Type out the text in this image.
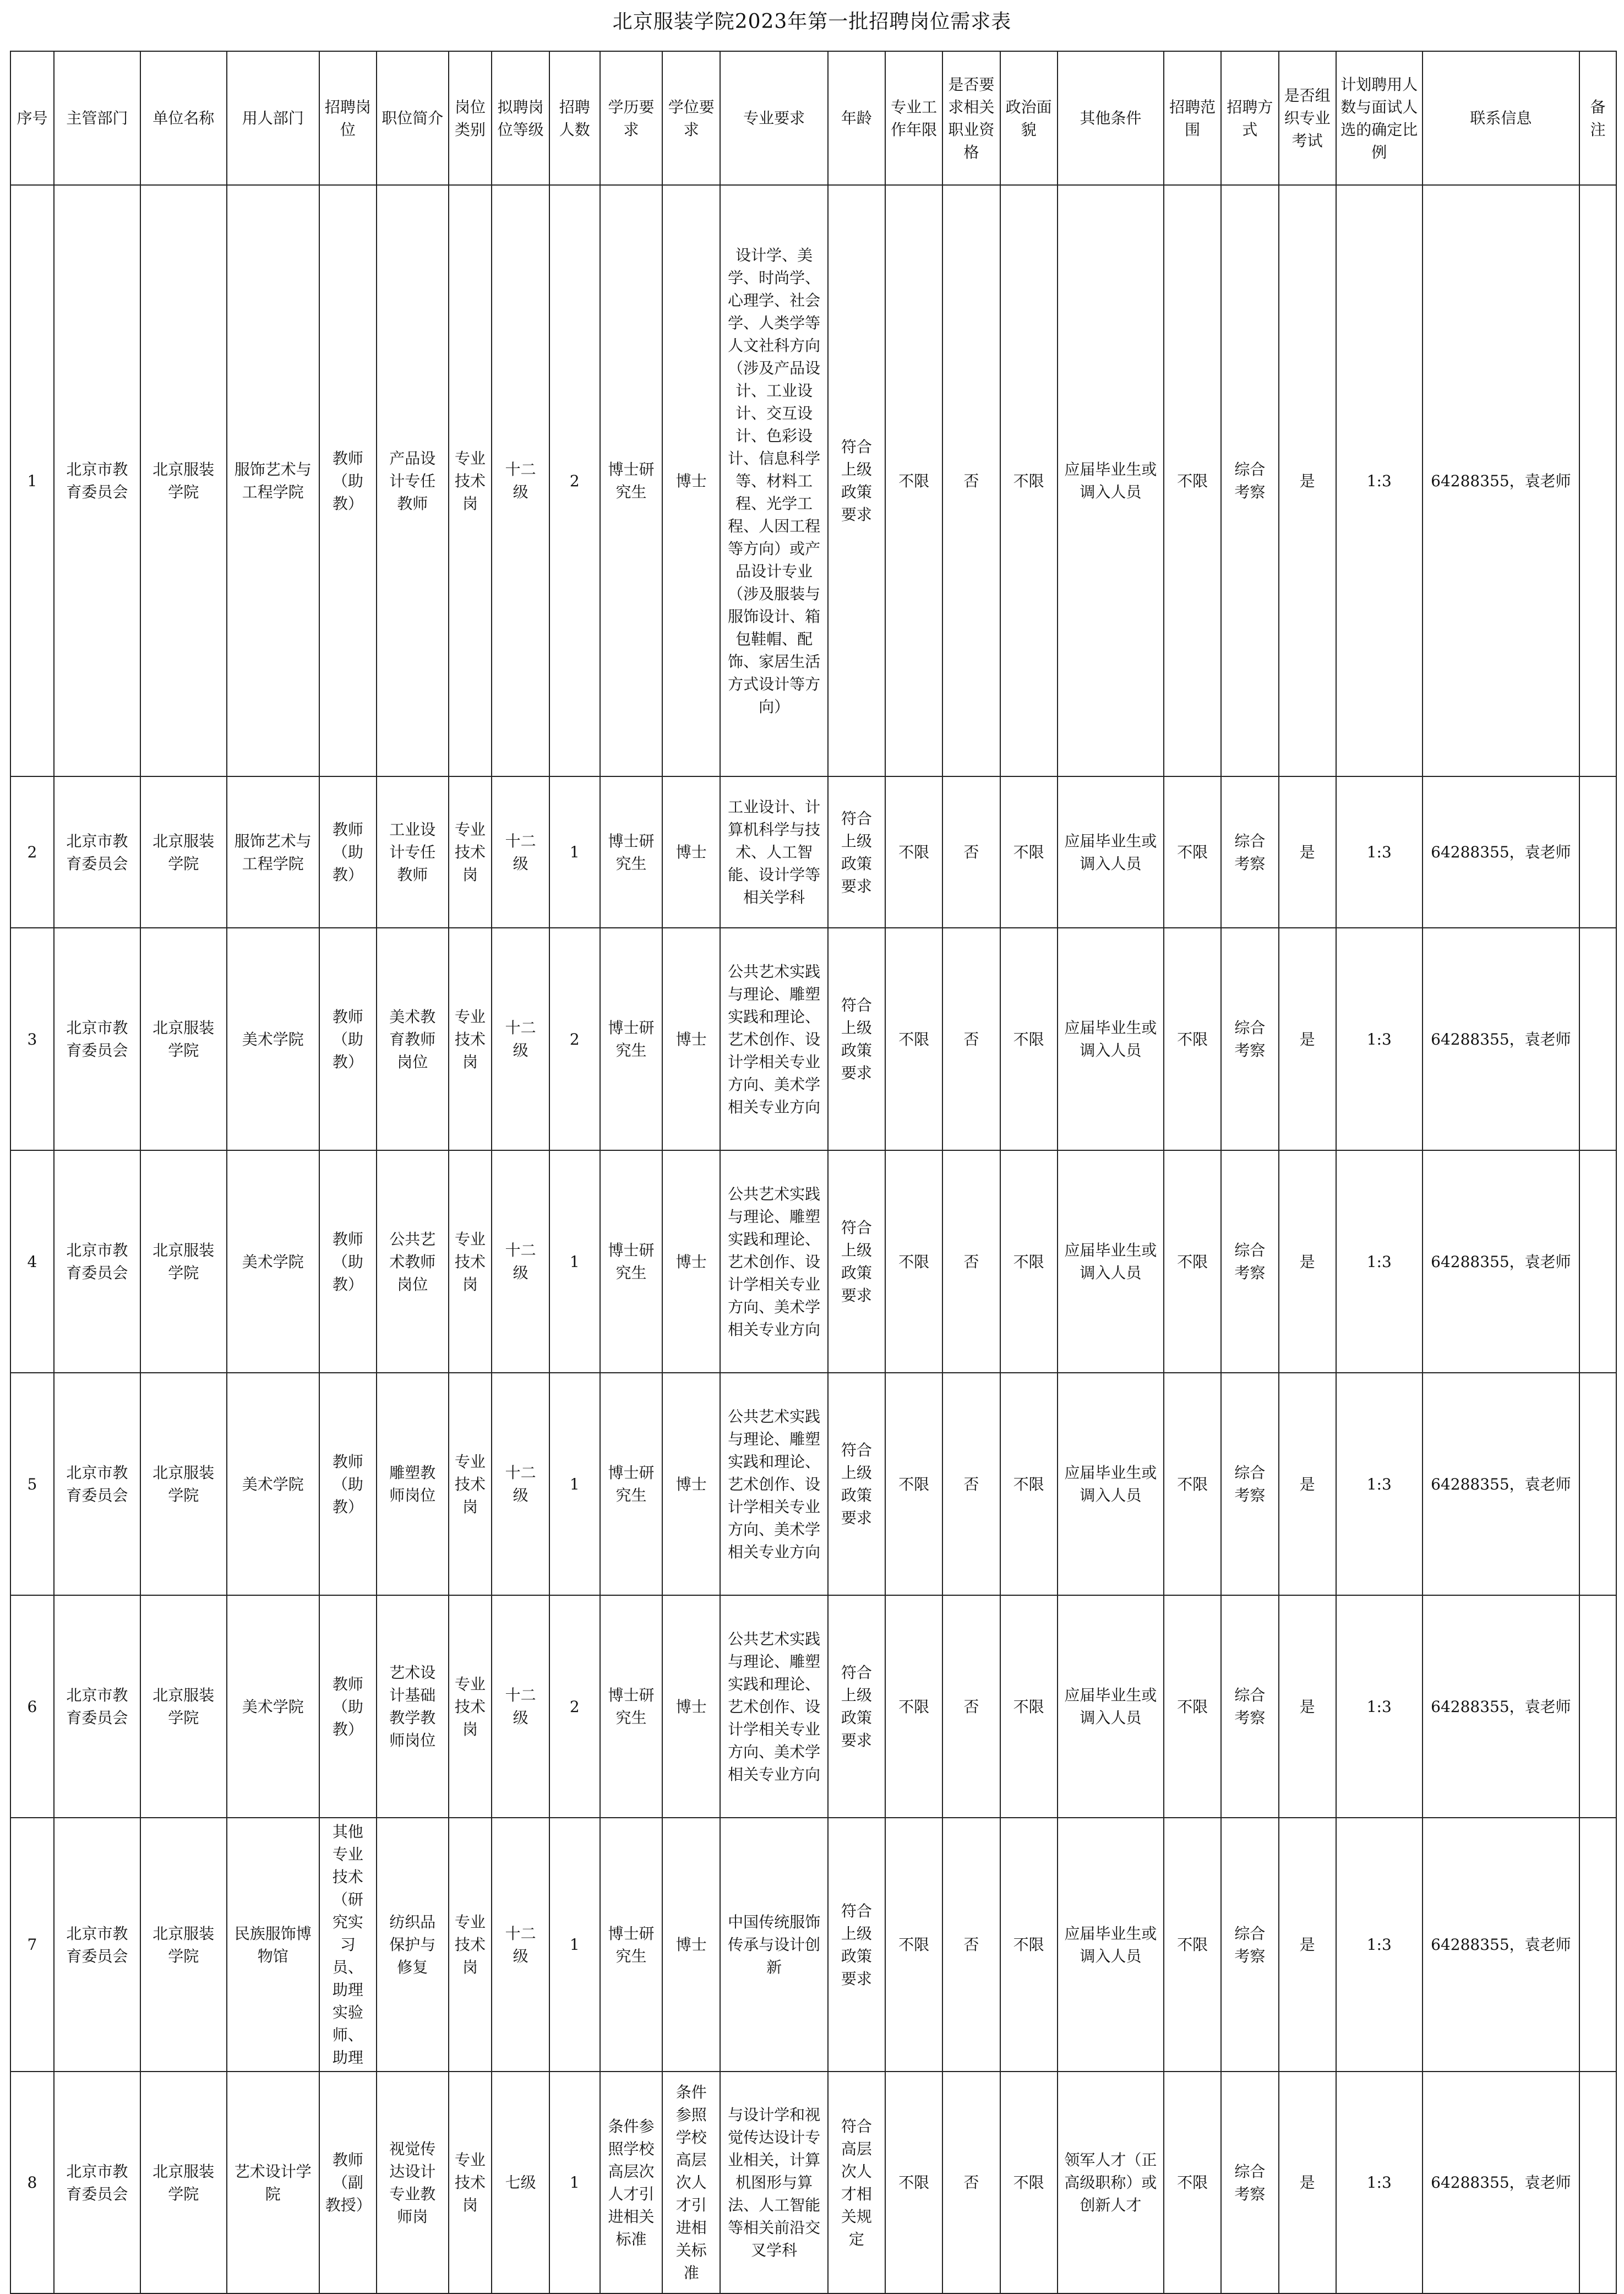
北京服装学院2023年第一批招聘岗位需求表
序号	主管部门	单位名称	用人部门	招聘岗位	职位简介	岗位类别	拟聘岗位等级	招聘人数	学历要求	学位要求	专业要求	年龄	专业工作年限	是否要求相关职业资格	政治面貌	其他条件	招聘范围	招聘方式	是否组织专业考试	计划聘用人数与面试人选的确定比例	联系信息	备注
1	北京市教育委员会	北京服装学院	服饰艺术与工程学院	教师（助教）	产品设计专任教师	专业技术岗	十二级	2	博士研究生	博士	设计学、美学、时尚学、心理学、社会学、人类学等人文社科方向（涉及产品设计、工业设计、交互设计、色彩设计、信息科学等、材料工程、光学工程、人因工程等方向）或产品设计专业（涉及服装与服饰设计、箱包鞋帽、配饰、家居生活方式设计等方向）	符合上级政策要求	不限	否	不限	应届毕业生或调入人员	不限	综合考察	是	1:3	64288355，袁老师	
2	北京市教育委员会	北京服装学院	服饰艺术与工程学院	教师（助教）	工业设计专任教师	专业技术岗	十二级	1	博士研究生	博士	工业设计、计算机科学与技术、人工智能、设计学等相关学科	符合上级政策要求	不限	否	不限	应届毕业生或调入人员	不限	综合考察	是	1:3	64288355，袁老师	
3	北京市教育委员会	北京服装学院	美术学院	教师（助教）	美术教育教师岗位	专业技术岗	十二级	2	博士研究生	博士	公共艺术实践与理论、雕塑实践和理论、艺术创作、设计学相关专业方向、美术学相关专业方向	符合上级政策要求	不限	否	不限	应届毕业生或调入人员	不限	综合考察	是	1:3	64288355，袁老师	
4	北京市教育委员会	北京服装学院	美术学院	教师（助教）	公共艺术教师岗位	专业技术岗	十二级	1	博士研究生	博士	公共艺术实践与理论、雕塑实践和理论、艺术创作、设计学相关专业方向、美术学相关专业方向	符合上级政策要求	不限	否	不限	应届毕业生或调入人员	不限	综合考察	是	1:3	64288355，袁老师	
5	北京市教育委员会	北京服装学院	美术学院	教师（助教）	雕塑教师岗位	专业技术岗	十二级	1	博士研究生	博士	公共艺术实践与理论、雕塑实践和理论、艺术创作、设计学相关专业方向、美术学相关专业方向	符合上级政策要求	不限	否	不限	应届毕业生或调入人员	不限	综合考察	是	1:3	64288355，袁老师	
6	北京市教育委员会	北京服装学院	美术学院	教师（助教）	艺术设计基础教学教师岗位	专业技术岗	十二级	2	博士研究生	博士	公共艺术实践与理论、雕塑实践和理论、艺术创作、设计学相关专业方向、美术学相关专业方向	符合上级政策要求	不限	否	不限	应届毕业生或调入人员	不限	综合考察	是	1:3	64288355，袁老师	
7	北京市教育委员会	北京服装学院	民族服饰博物馆	其他专业技术（研究实习员、助理实验师、助理	纺织品保护与修复	专业技术岗	十二级	1	博士研究生	博士	中国传统服饰传承与设计创新	符合上级政策要求	不限	否	不限	应届毕业生或调入人员	不限	综合考察	是	1:3	64288355，袁老师	
8	北京市教育委员会	北京服装学院	艺术设计学院	教师（副教授）	视觉传达设计专业教师岗	专业技术岗	七级	1	条件参照学校高层次人才引进相关标准	条件参照学校高层次人才引进相关标准	与设计学和视觉传达设计专业相关，计算机图形与算法、人工智能等相关前沿交叉学科	符合高层次人才相关规定	不限	否	不限	领军人才（正高级职称）或创新人才	不限	综合考察	是	1:3	64288355，袁老师	
